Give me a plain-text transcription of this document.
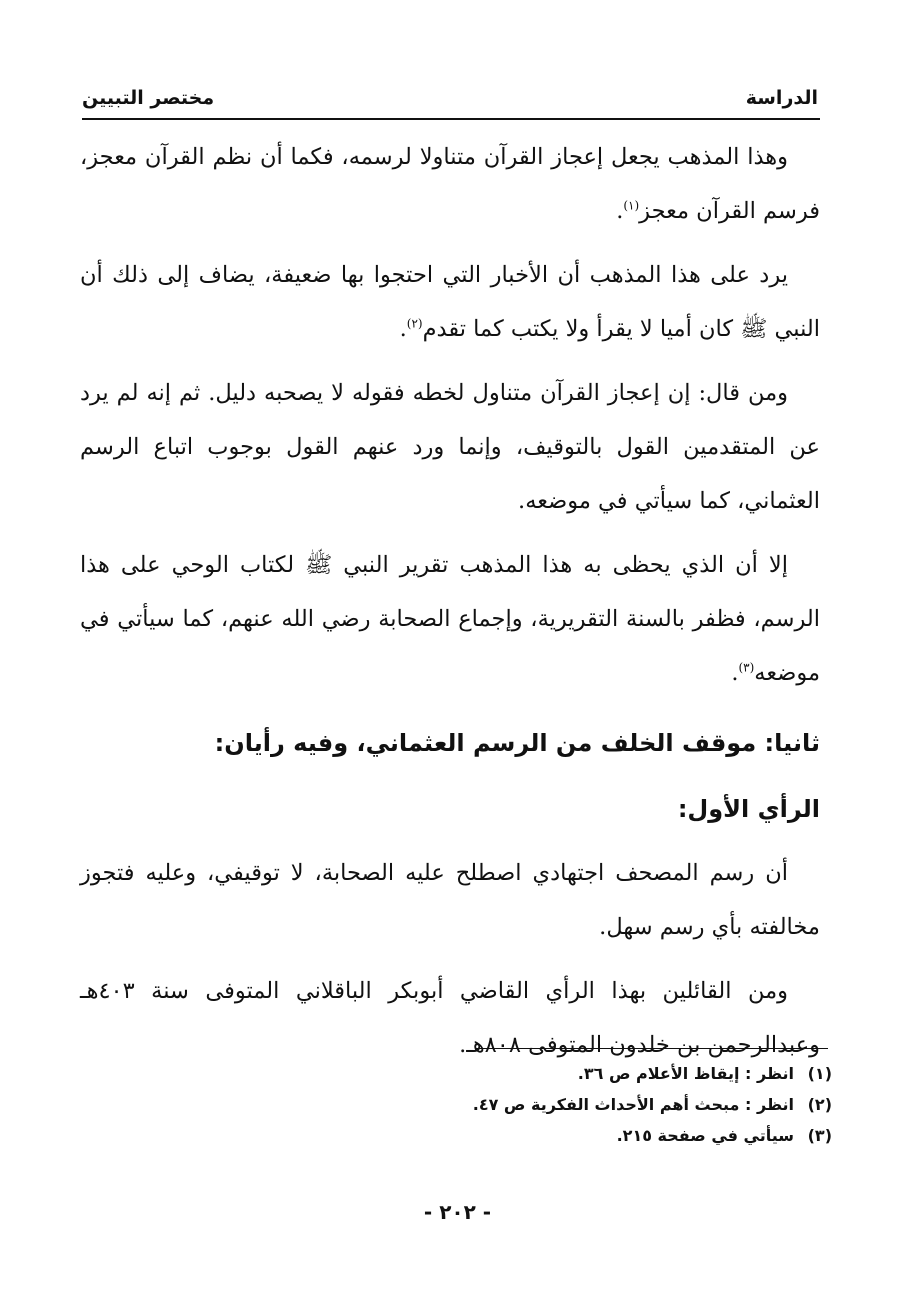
الدراسة
مختصر التبيين

وهذا المذهب يجعل إعجاز القرآن متناولا لرسمه، فكما أن نظم القرآن معجز، فرسم القرآن معجز$^{(١)}$.

يرد على هذا المذهب أن الأخبار التي احتجوا بها ضعيفة، يضاف إلى ذلك أن النبي ﷺ كان أميا لا يقرأ ولا يكتب كما تقدم$^{(٢)}$.

ومن قال: إن إعجاز القرآن متناول لخطه فقوله لا يصحبه دليل. ثم إنه لم يرد عن المتقدمين القول بالتوقيف، وإنما ورد عنهم القول بوجوب اتباع الرسم العثماني، كما سيأتي في موضعه.

إلا أن الذي يحظى به هذا المذهب تقرير النبي ﷺ لكتاب الوحي على هذا الرسم، فظفر بالسنة التقريرية، وإجماع الصحابة رضي الله عنهم، كما سيأتي في موضعه$^{(٣)}$.

ثانيا: موقف الخلف من الرسم العثماني، وفيه رأيان:
الرأي الأول:

أن رسم المصحف اجتهادي اصطلح عليه الصحابة، لا توقيفي، وعليه فتجوز مخالفته بأي رسم سهل.

ومن القائلين بهذا الرأي القاضي أبوبكر الباقلاني المتوفى سنة ٤٠٣هـ وعبدالرحمن بن خلدون المتوفى ٨٠٨هـ.

(١) انظر : إيقاظ الأعلام ص ٣٦.
(٢) انظر : مبحث أهم الأحداث الفكرية ص ٤٧.
(٣) سيأتي في صفحة ٢١٥.
- ٢٠٢ -
